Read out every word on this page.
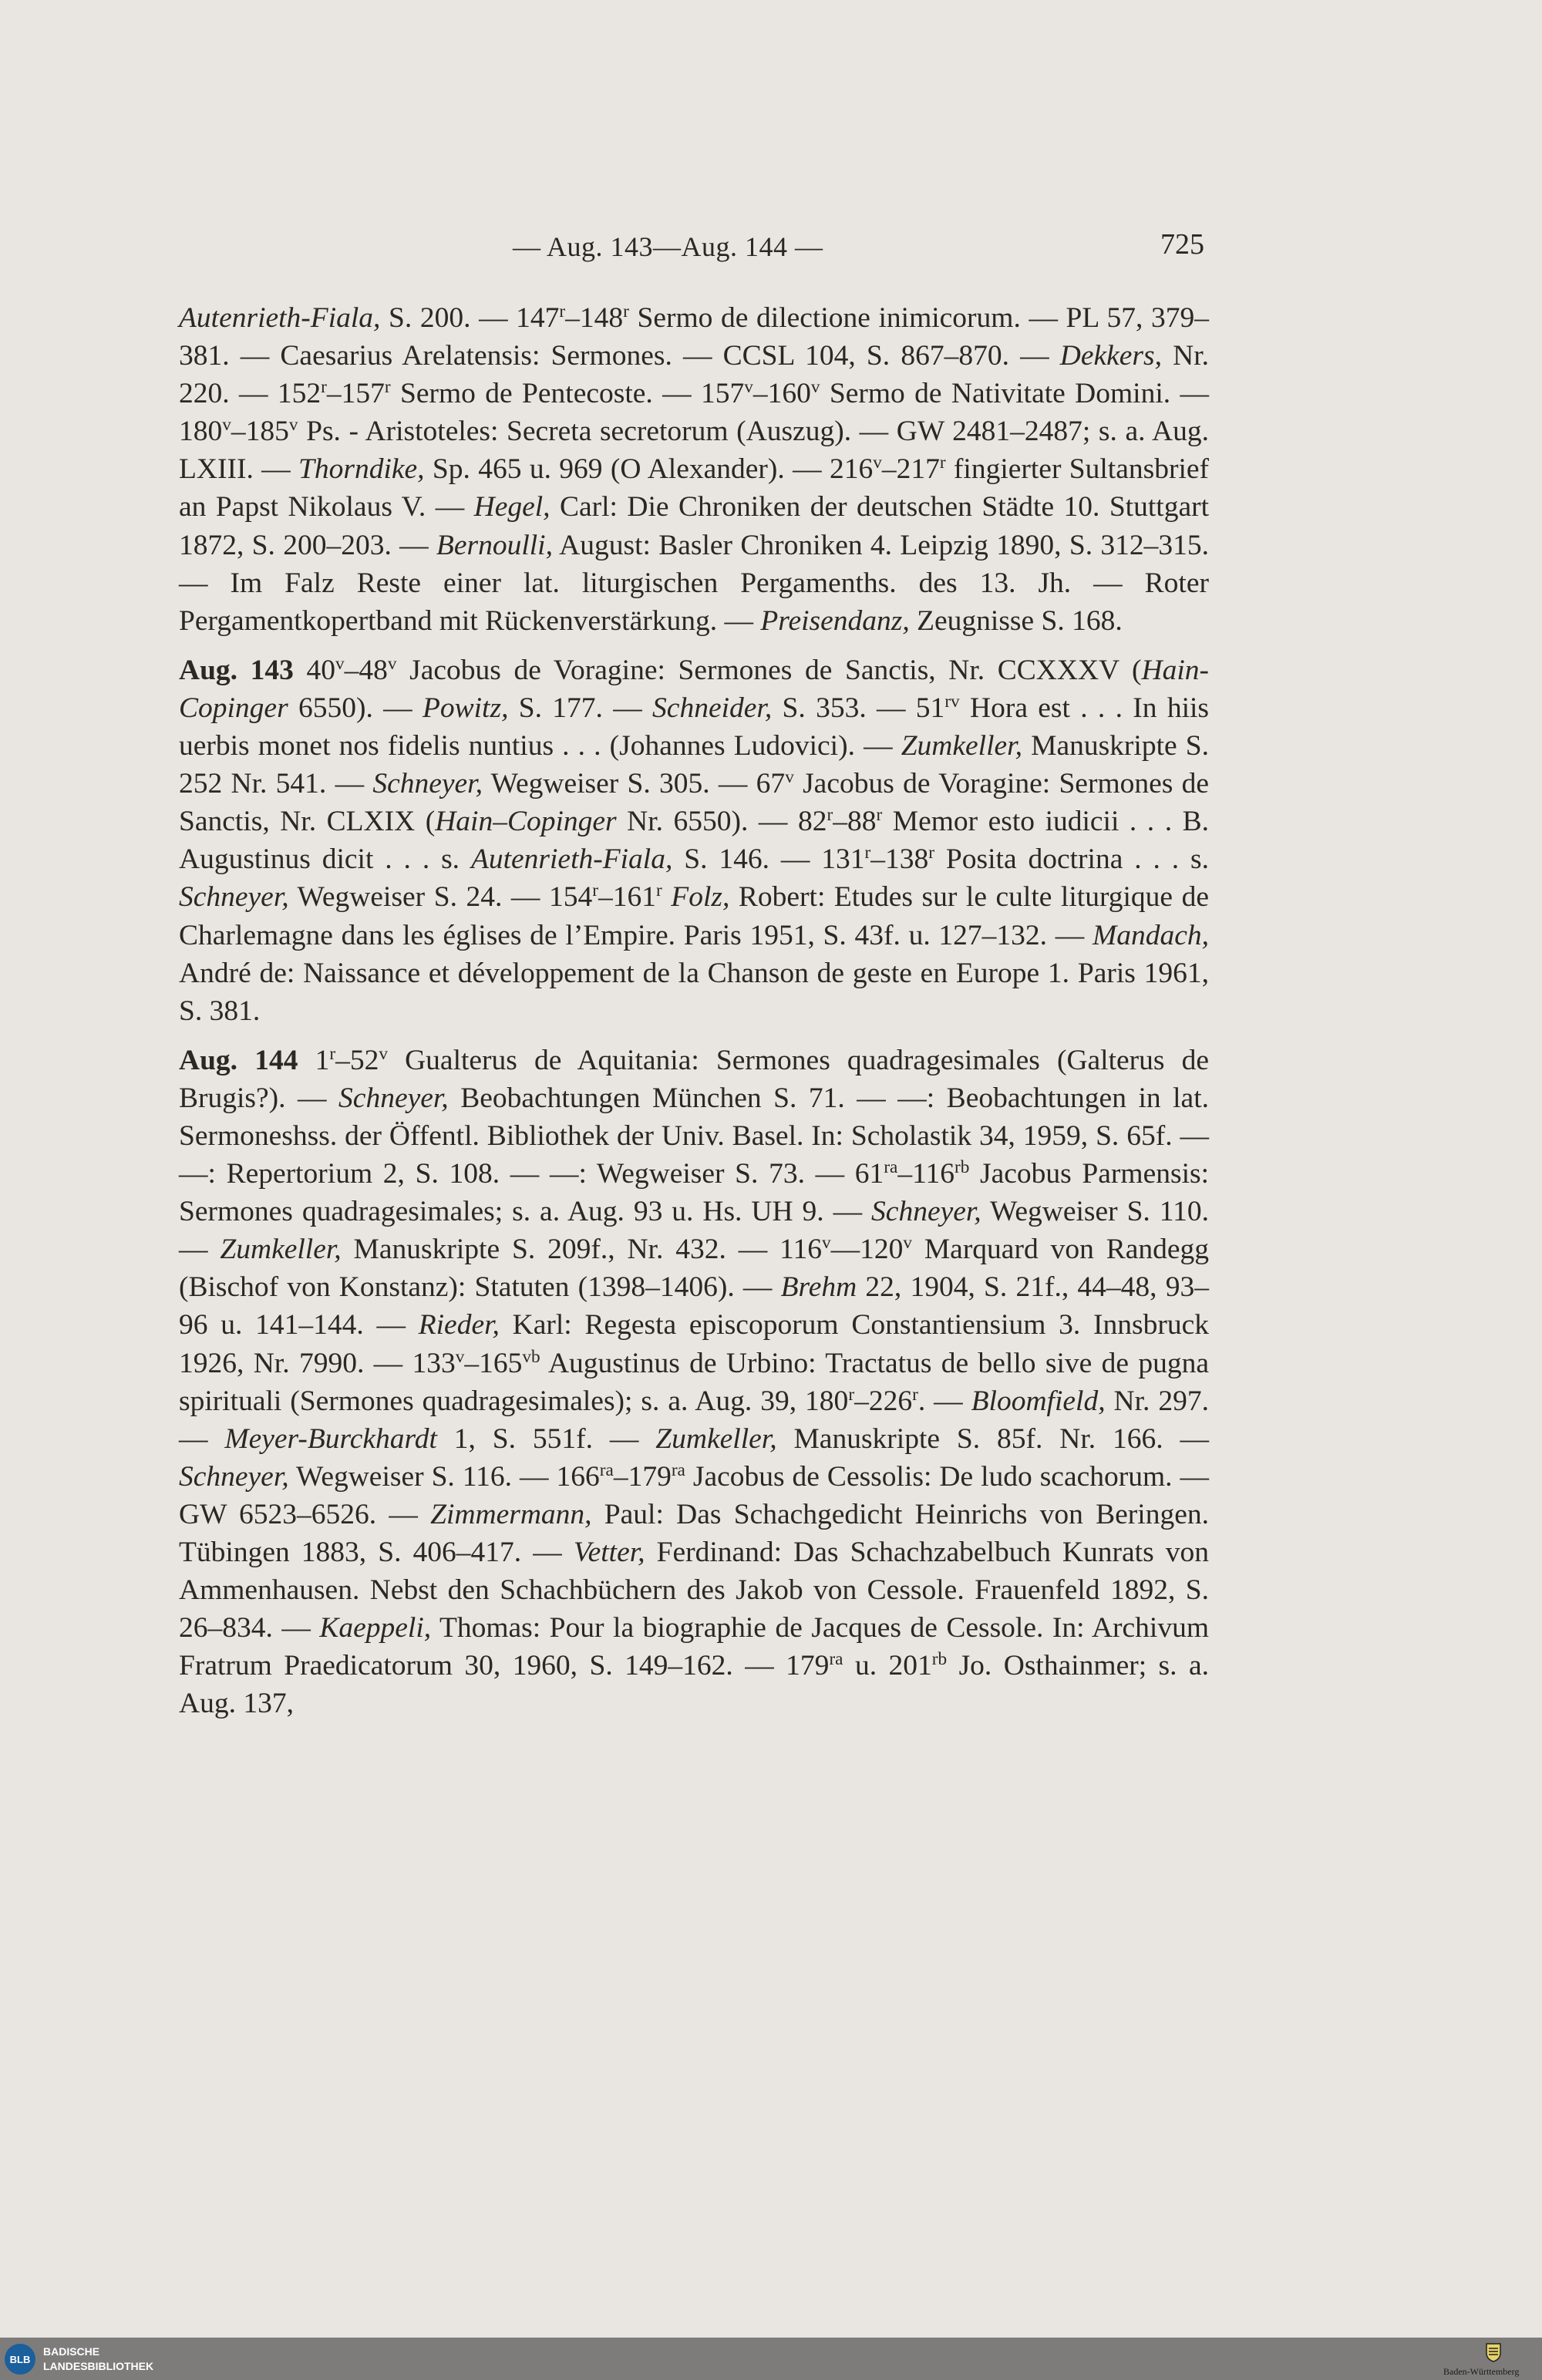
— Aug. 143—Aug. 144 —	725

Autenrieth-Fiala, S. 200. — 147$^r$–148$^r$ Sermo de dilectione inimicorum. — PL 57, 379–381. — Caesarius Arelatensis: Sermones. — CCSL 104, S. 867–870. — Dekkers, Nr. 220. — 152$^r$–157$^r$ Sermo de Pentecoste. — 157$^v$–160$^v$ Sermo de Nativitate Domini. — 180$^v$–185$^v$ Ps. - Aristoteles: Secreta secretorum (Auszug). — GW 2481–2487; s. a. Aug. LXIII. — Thorndike, Sp. 465 u. 969 (O Alexander). — 216$^v$–217$^r$ fingierter Sultansbrief an Papst Nikolaus V. — Hegel, Carl: Die Chroniken der deutschen Städte 10. Stuttgart 1872, S. 200–203. — Bernoulli, August: Basler Chroniken 4. Leipzig 1890, S. 312–315. — Im Falz Reste einer lat. liturgischen Pergamenths. des 13. Jh. — Roter Pergamentkopertband mit Rückenverstärkung. — Preisendanz, Zeugnisse S. 168.

Aug. 143 40$^v$–48$^v$ Jacobus de Voragine: Sermones de Sanctis, Nr. CCXXXV (Hain-Copinger 6550). — Powitz, S. 177. — Schneider, S. 353. — $51^{rv}$ Hora est . . . In hiis uerbis monet nos fidelis nuntius . . . (Johannes Ludovici). — Zumkeller, Manuskripte S. 252 Nr. 541. — Schneyer, Wegweiser S. 305. — 67$^v$ Jacobus de Voragine: Sermones de Sanctis, Nr. CLXIX (Hain–Copinger Nr. 6550). — 82$^r$–88$^r$ Memor esto iudicii . . . B. Augustinus dicit . . . s. Autenrieth-Fiala, S. 146. — 131$^r$–138$^r$ Posita doctrina . . . s. Schneyer, Wegweiser S. 24. — 154$^r$–161$^r$ Folz, Robert: Etudes sur le culte liturgique de Charlemagne dans les églises de l’Empire. Paris 1951, S. 43f. u. 127–132. — Mandach, André de: Naissance et développement de la Chanson de geste en Europe 1. Paris 1961, S. 381.

Aug. 144 1$^r$–52$^v$ Gualterus de Aquitania: Sermones quadragesimales (Galterus de Brugis?). — Schneyer, Beobachtungen München S. 71. — —: Beobachtungen in lat. Sermoneshss. der Öffentl. Bibliothek der Univ. Basel. In: Scholastik 34, 1959, S. 65f. — —: Repertorium 2, S. 108. — —: Wegweiser S. 73. — $61^{ra}-116^{rb}$ Jacobus Parmensis: Sermones quadragesimales; s. a. Aug. 93 u. Hs. UH 9. — Schneyer, Wegweiser S. 110. — Zumkeller, Manuskripte S. 209f., Nr. 432. — 116$^v$—120$^v$ Marquard von Randegg (Bischof von Konstanz): Statuten (1398–1406). — Brehm 22, 1904, S. 21f., 44–48, 93–96 u. 141–144. — Rieder, Karl: Regesta episcoporum Constantiensium 3. Innsbruck 1926, Nr. 7990. — $133^v-165^{vb}$ Augustinus de Urbino: Tractatus de bello sive de pugna spirituali (Sermones quadragesimales); s. a. Aug. 39, 180$^r$–226$^r$. — Bloomfield, Nr. 297. — Meyer-Burckhardt 1, S. 551f. — Zumkeller, Manuskripte S. 85f. Nr. 166. — Schneyer, Wegweiser S. 116. — $166^{ra}-179^{ra}$ Jacobus de Cessolis: De ludo scachorum. — GW 6523–6526. — Zimmermann, Paul: Das Schachgedicht Heinrichs von Beringen. Tübingen 1883, S. 406–417. — Vetter, Ferdinand: Das Schachzabelbuch Kunrats von Ammenhausen. Nebst den Schachbüchern des Jakob von Cessole. Frauenfeld 1892, S. 26–834. — Kaeppeli, Thomas: Pour la biographie de Jacques de Cessole. In: Archivum Fratrum Praedicatorum 30, 1960, S. 149–162. — $179^{ra}$ u. $201^{rb}$ Jo. Osthainmer; s. a. Aug. 137,

BLB
BADISCHE
LANDESBIBLIOTHEK	Baden-Württemberg
